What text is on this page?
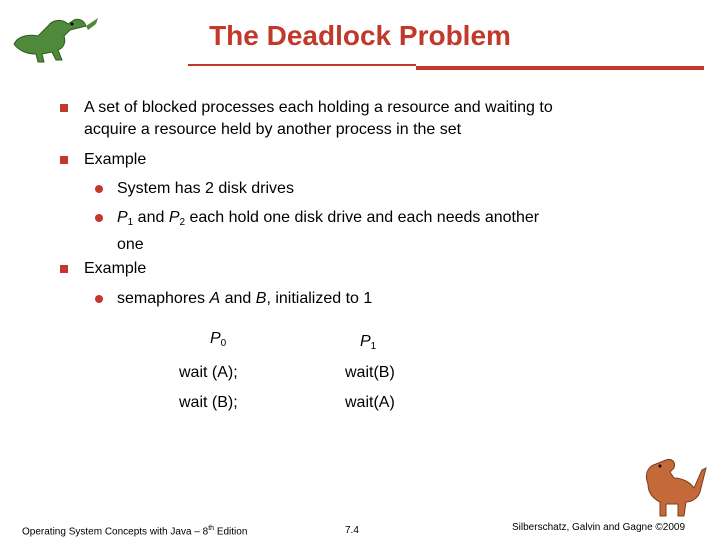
The Deadlock Problem
A set of blocked processes each holding a resource and waiting to
acquire a resource held by another process in the set
Example
System has 2 disk drives
$P_1$ and $P_2$ each hold one disk drive and each needs another
one
Example
semaphores A and B, initialized to 1
$P_0$	$P_1$
wait (A);	wait(B)
wait (B);	wait(A)
Operating System Concepts with Java – 8th Edition	7.4	Silberschatz, Galvin and Gagne ©2009
